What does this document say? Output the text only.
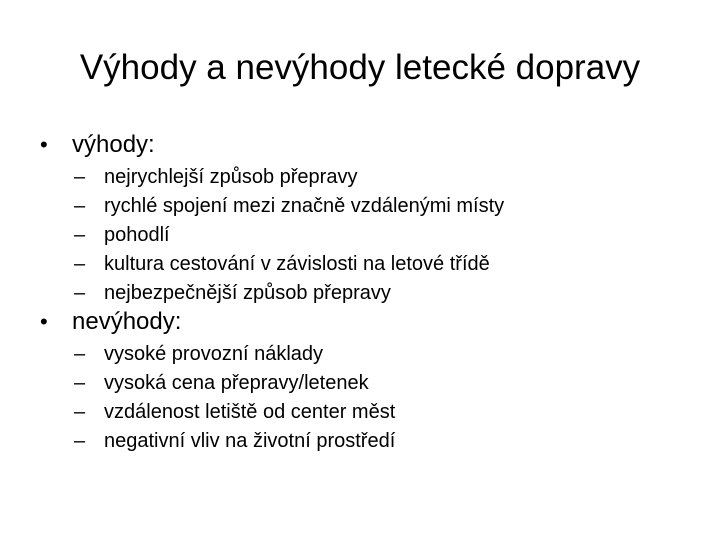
Výhody a nevýhody letecké dopravy
•	výhody:
– nejrychlejší způsob přepravy
– rychlé spojení mezi značně vzdálenými místy
– pohodlí
– kultura cestování v závislosti na letové třídě
– nejbezpečnější způsob přepravy
•	nevýhody:
– vysoké provozní náklady
– vysoká cena přepravy/letenek
– vzdálenost letiště od center měst
– negativní vliv na životní prostředí
